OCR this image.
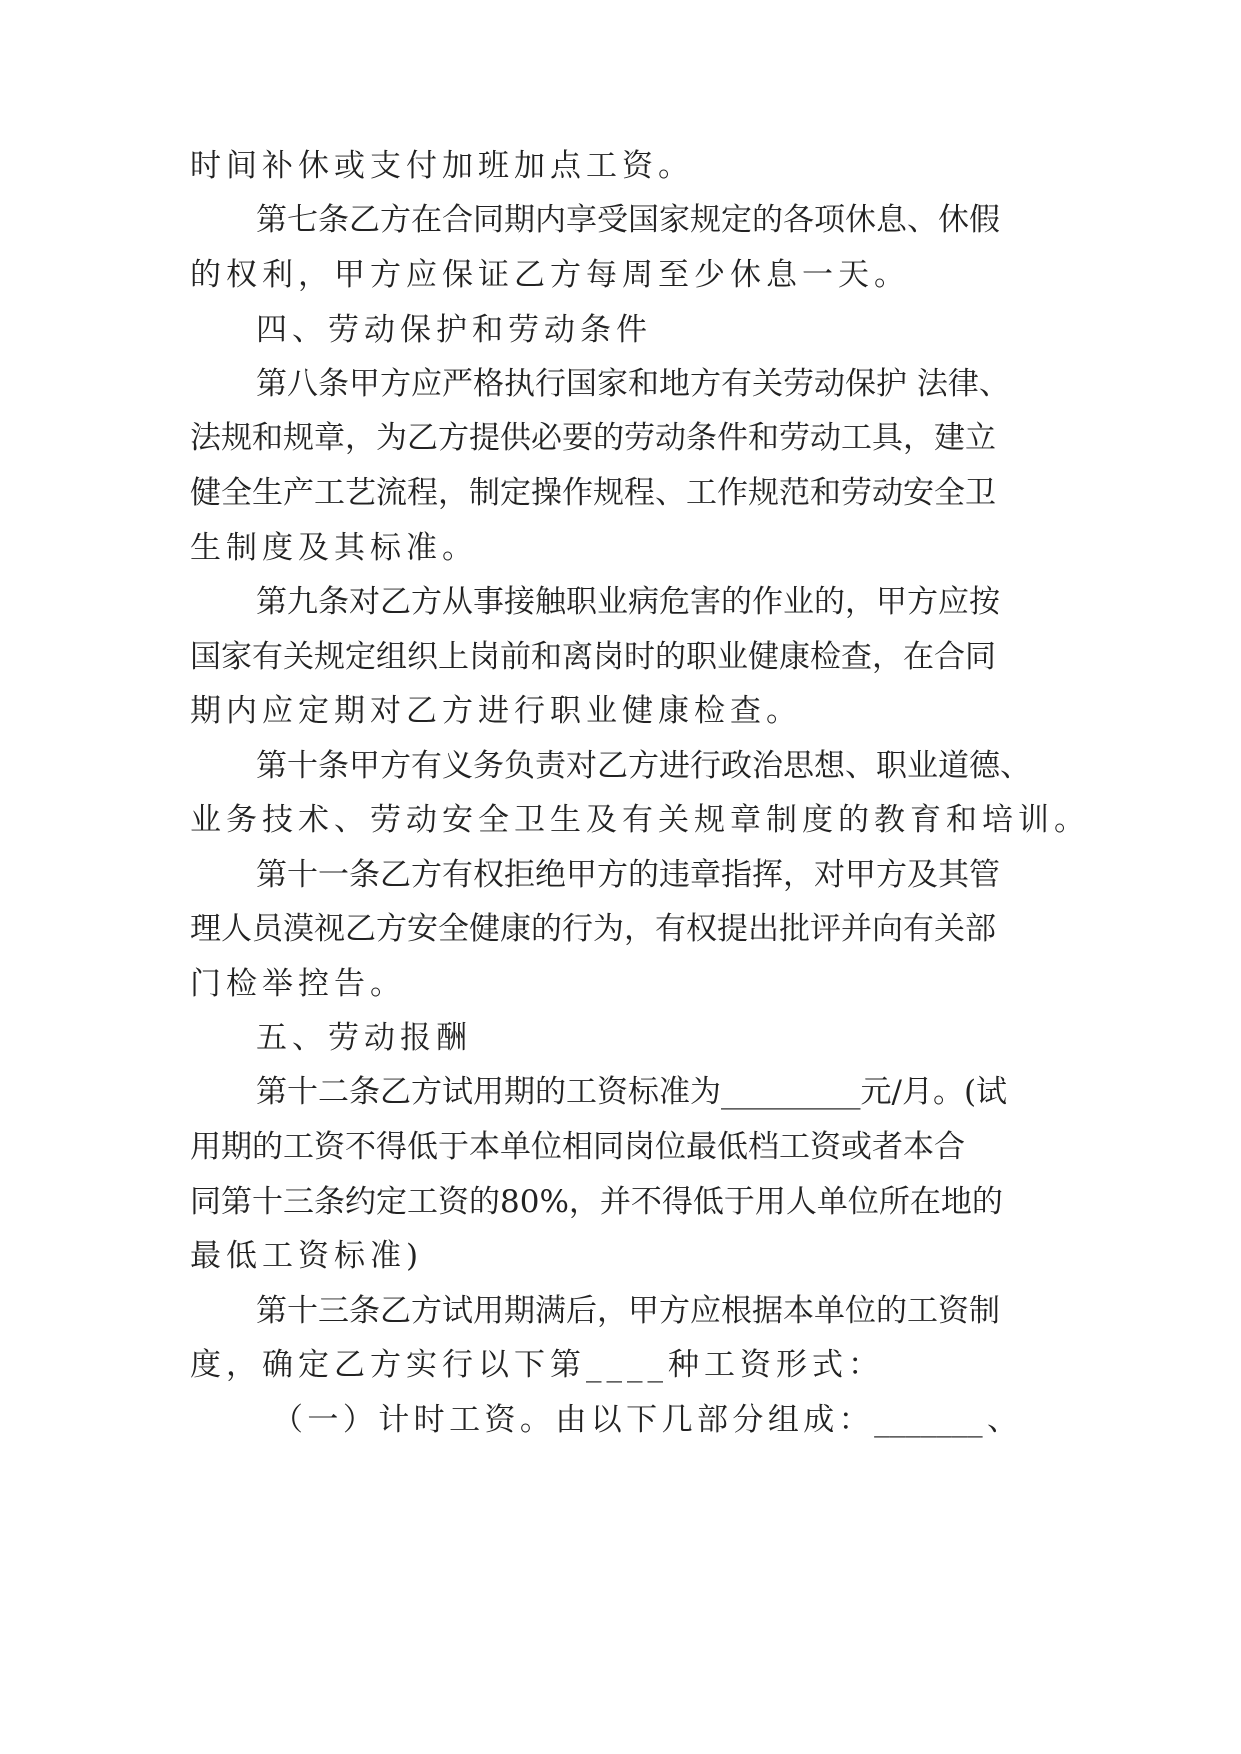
时间补休或支付加班加点工资。
第七条乙方在合同期内享受国家规定的各项休息、休假
的权利，甲方应保证乙方每周至少休息一天。
四、劳动保护和劳动条件
第八条甲方应严格执行国家和地方有关劳动保护 法律、
法规和规章，为乙方提供必要的劳动条件和劳动工具，建立
健全生产工艺流程，制定操作规程、工作规范和劳动安全卫
生制度及其标准。
第九条对乙方从事接触职业病危害的作业的，甲方应按
国家有关规定组织上岗前和离岗时的职业健康检查，在合同
期内应定期对乙方进行职业健康检查。
第十条甲方有义务负责对乙方进行政治思想、职业道德、
业务技术、劳动安全卫生及有关规章制度的教育和培训。
第十一条乙方有权拒绝甲方的违章指挥，对甲方及其管
理人员漠视乙方安全健康的行为，有权提出批评并向有关部
门检举控告。
五、劳动报酬
第十二条乙方试用期的工资标准为_________元/月。(试
用期的工资不得低于本单位相同岗位最低档工资或者本合
同第十三条约定工资的80%，并不得低于用人单位所在地的
最低工资标准)
第十三条乙方试用期满后，甲方应根据本单位的工资制
度，确定乙方实行以下第____种工资形式：
（一）计时工资。由以下几部分组成：_______、
